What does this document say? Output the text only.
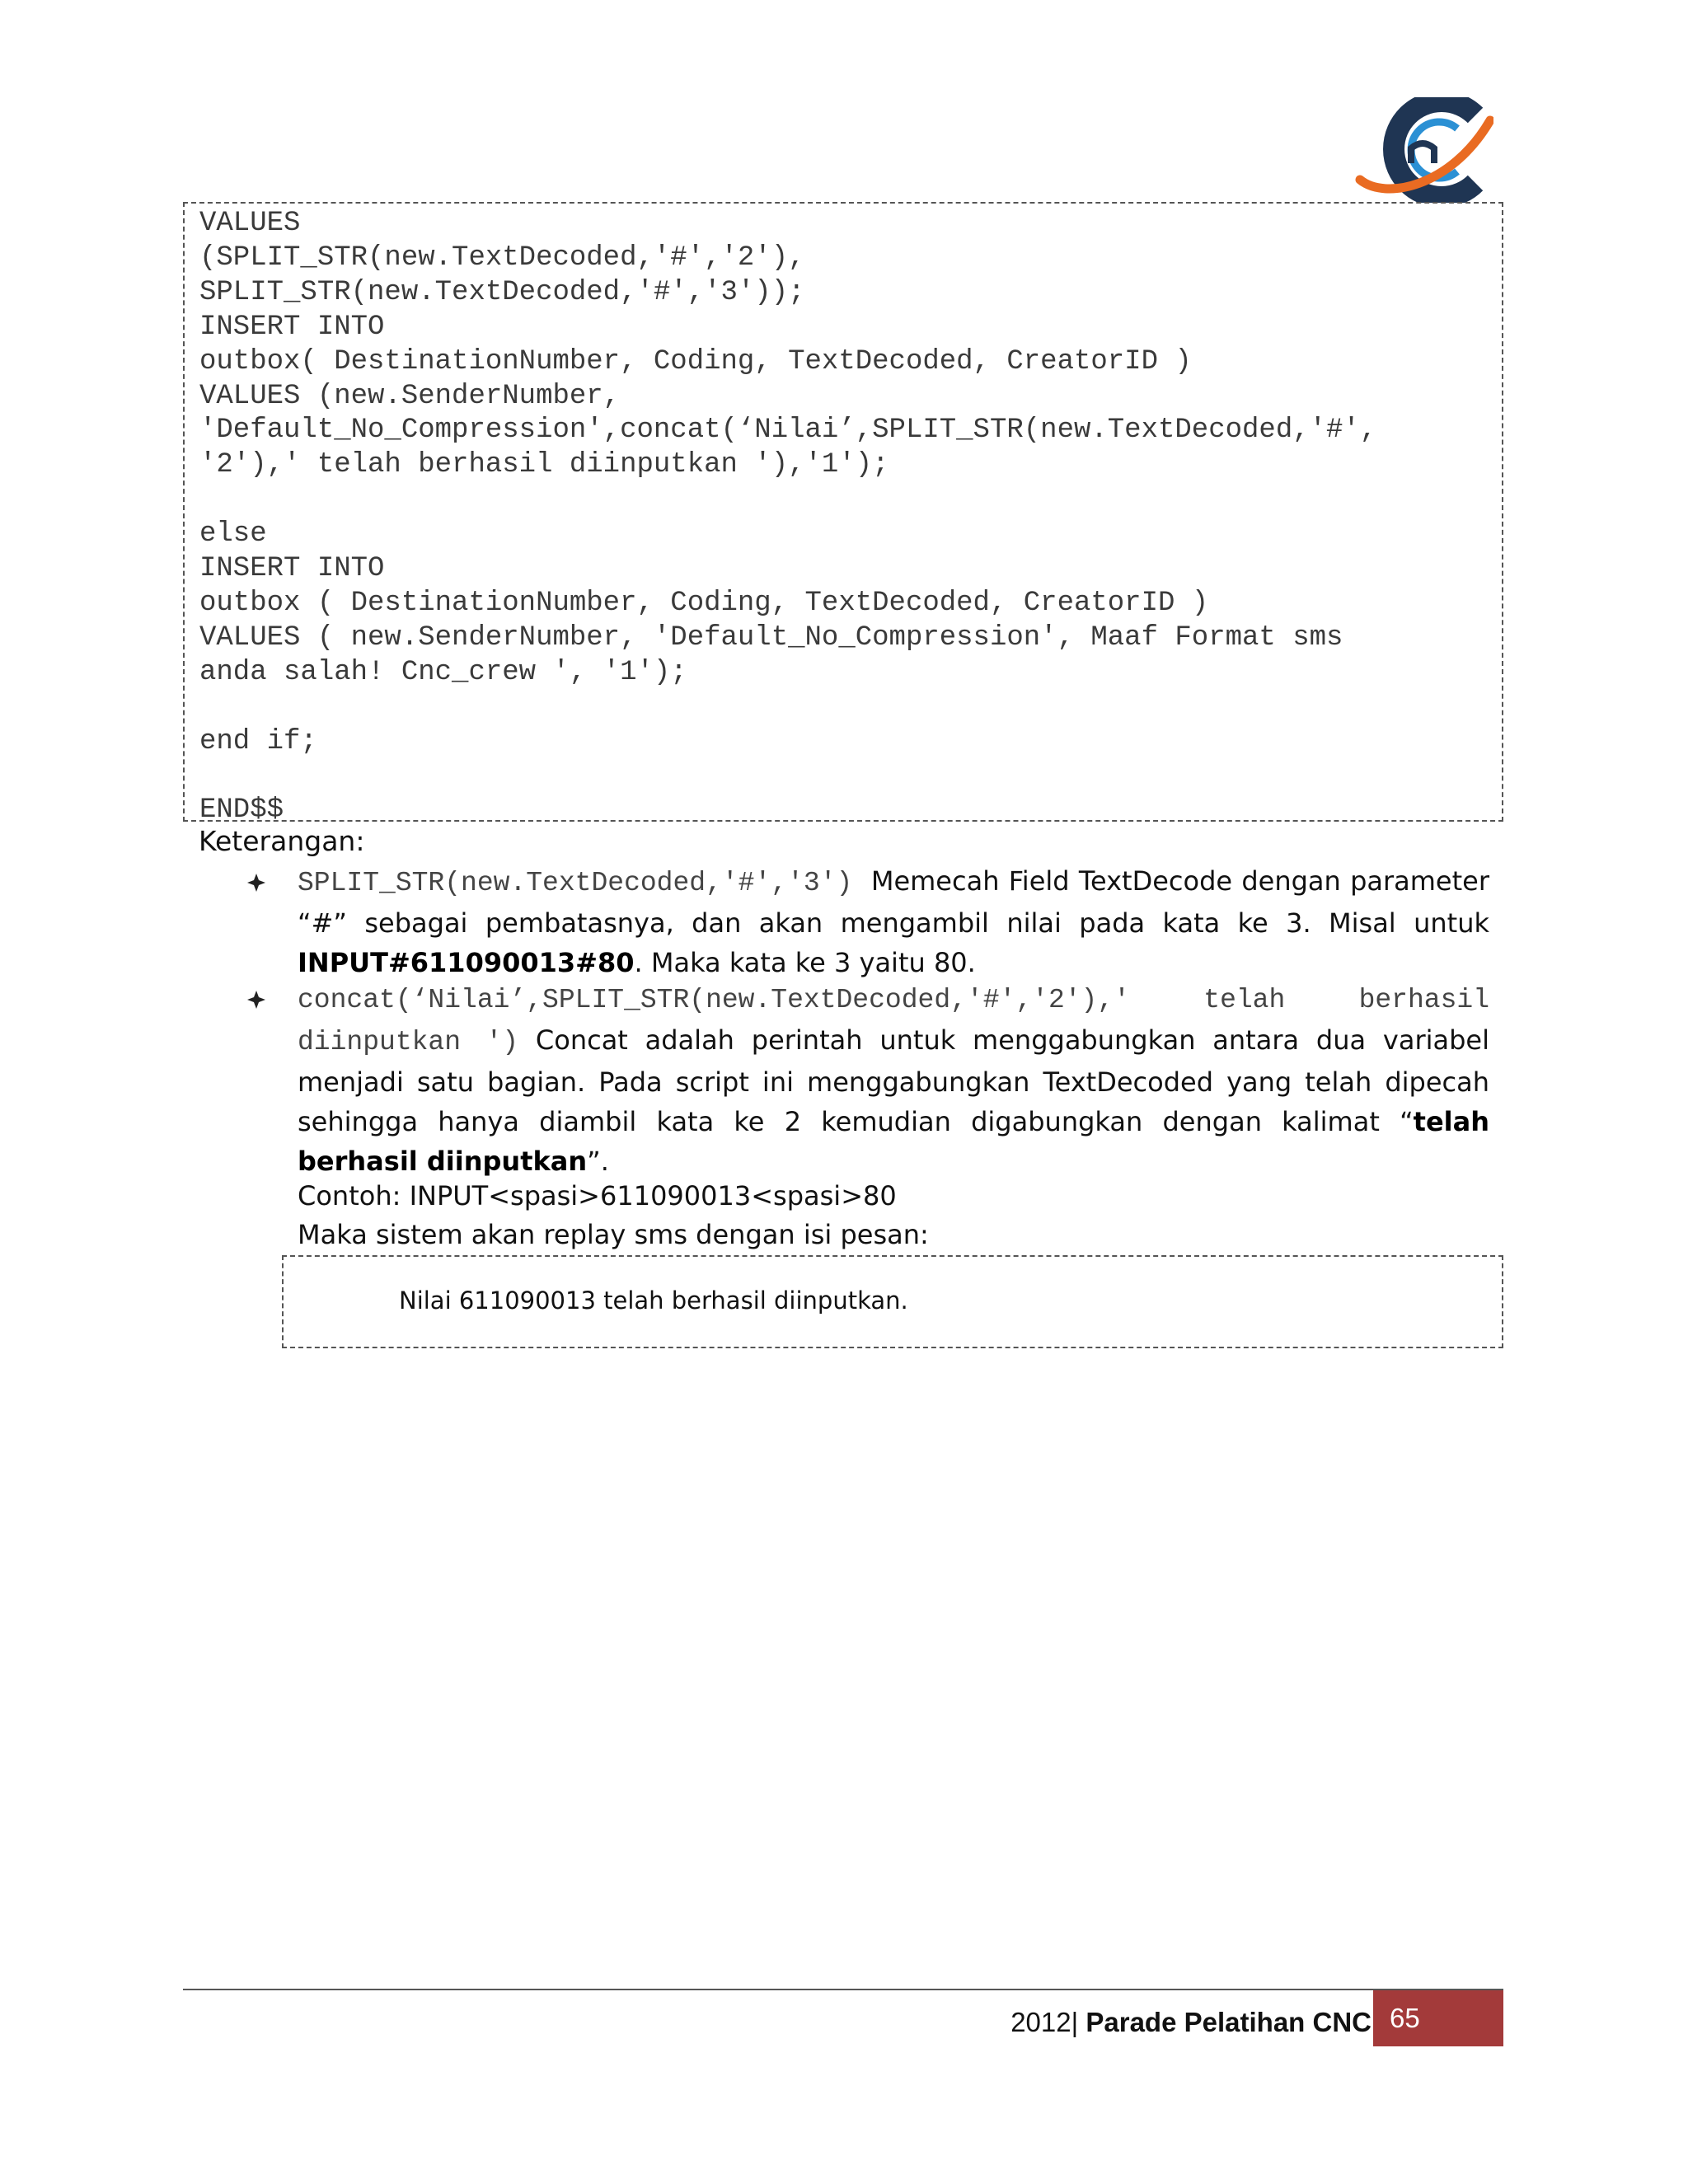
VALUES
(SPLIT_STR(new.TextDecoded,'#','2'),
SPLIT_STR(new.TextDecoded,'#','3'));
INSERT INTO
outbox( DestinationNumber, Coding, TextDecoded, CreatorID )
VALUES (new.SenderNumber,
'Default_No_Compression',concat(‘Nilai’,SPLIT_STR(new.TextDecoded,'#',
'2'),' telah berhasil diinputkan '),'1');

else
INSERT INTO
outbox ( DestinationNumber, Coding, TextDecoded, CreatorID )
VALUES ( new.SenderNumber, 'Default_No_Compression', Maaf Format sms
anda salah! Cnc_crew ', '1');

end if;

END$$

Keterangan:

SPLIT_STR(new.TextDecoded,'#','3') Memecah Field TextDecode dengan parameter “#” sebagai pembatasnya, dan akan mengambil nilai pada kata ke 3. Misal untuk INPUT#611090013#80. Maka kata ke 3 yaitu 80.
concat(‘Nilai’,SPLIT_STR(new.TextDecoded,'#','2'),' telah berhasil diinputkan ') Concat adalah perintah untuk menggabungkan antara dua variabel menjadi satu bagian. Pada script ini menggabungkan TextDecoded yang telah dipecah sehingga hanya diambil kata ke 2 kemudian digabungkan dengan kalimat “telah berhasil diinputkan”.
Contoh: INPUT<spasi>611090013<spasi>80
Maka sistem akan replay sms dengan isi pesan:
Nilai 611090013 telah berhasil diinputkan.
2012| Parade Pelatihan CNC 65
